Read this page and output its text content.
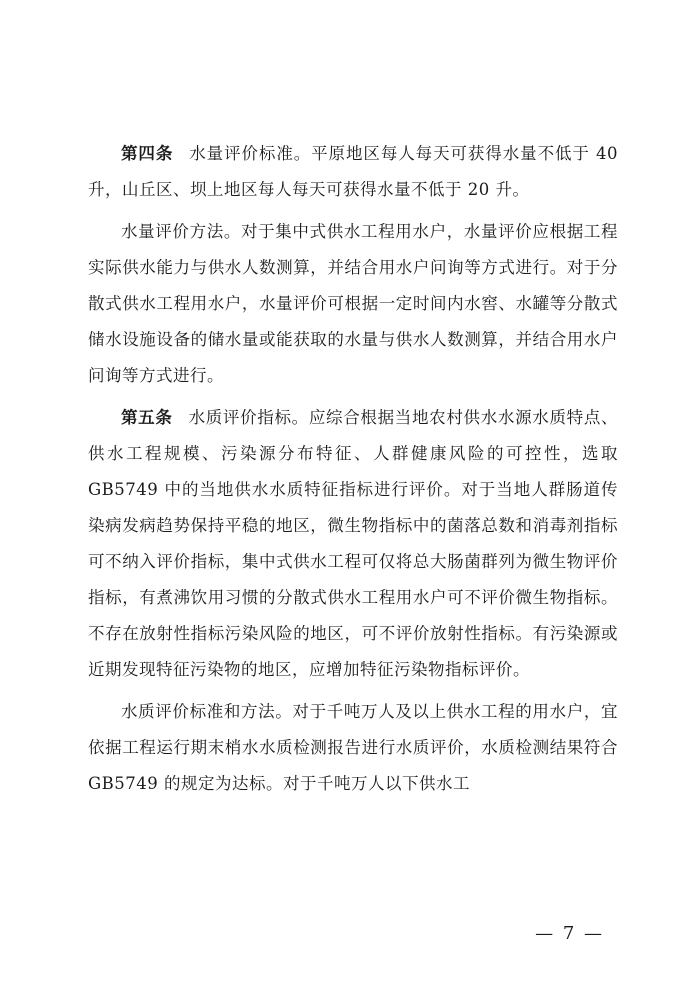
第四条 水量评价标准。平原地区每人每天可获得水量不低于 40 升，山丘区、坝上地区每人每天可获得水量不低于 20 升。

水量评价方法。对于集中式供水工程用水户，水量评价应根据工程实际供水能力与供水人数测算，并结合用水户问询等方式进行。对于分散式供水工程用水户，水量评价可根据一定时间内水窖、水罐等分散式储水设施设备的储水量或能获取的水量与供水人数测算，并结合用水户问询等方式进行。

第五条 水质评价指标。应综合根据当地农村供水水源水质特点、供水工程规模、污染源分布特征、人群健康风险的可控性，选取 GB5749 中的当地供水水质特征指标进行评价。对于当地人群肠道传染病发病趋势保持平稳的地区，微生物指标中的菌落总数和消毒剂指标可不纳入评价指标，集中式供水工程可仅将总大肠菌群列为微生物评价指标，有煮沸饮用习惯的分散式供水工程用水户可不评价微生物指标。不存在放射性指标污染风险的地区，可不评价放射性指标。有污染源或近期发现特征污染物的地区，应增加特征污染物指标评价。

水质评价标准和方法。对于千吨万人及以上供水工程的用水户，宜依据工程运行期末梢水水质检测报告进行水质评价，水质检测结果符合 GB5749 的规定为达标。对于千吨万人以下供水工

— 7 —
